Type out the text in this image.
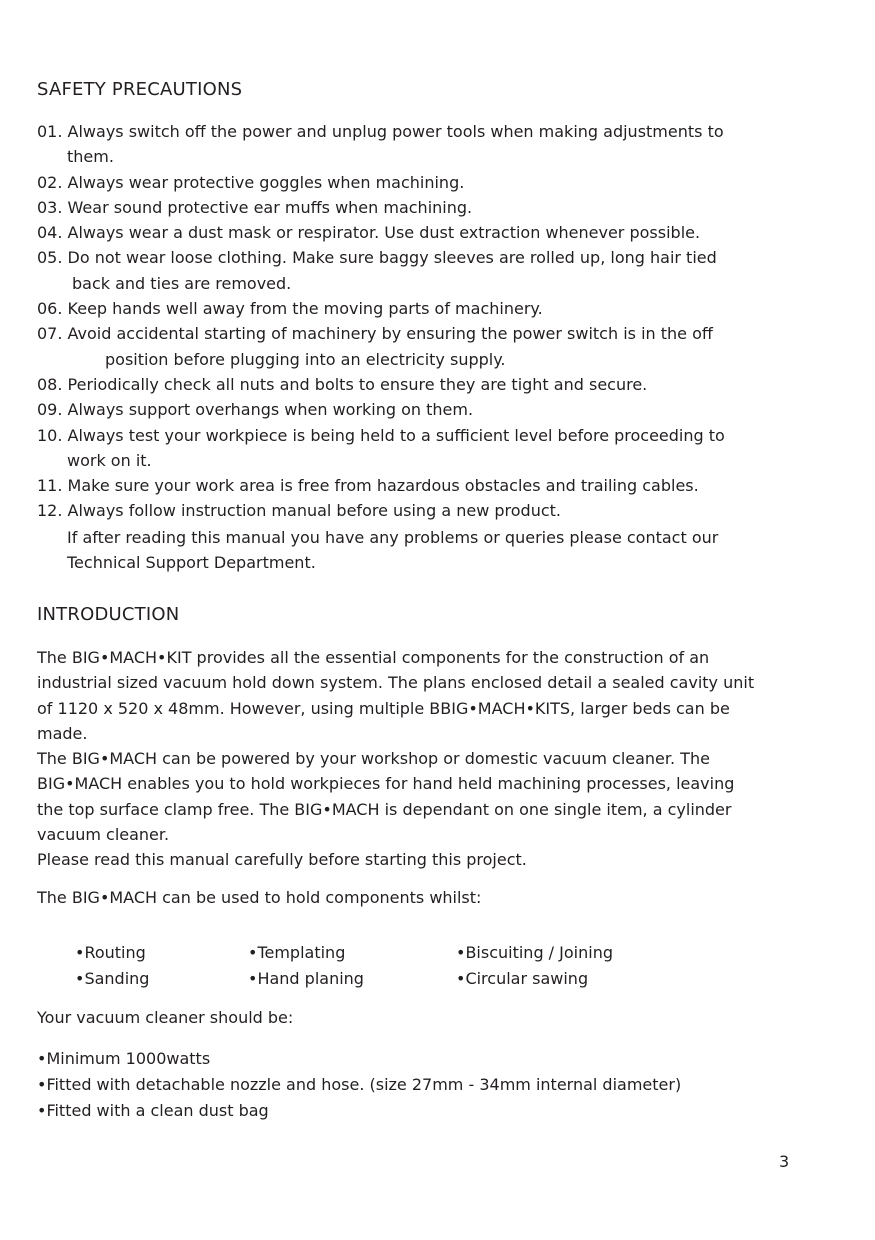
SAFETY PRECAUTIONS
01. Always switch off the power and unplug power tools when making adjustments to
them.
02. Always wear protective goggles when machining.
03. Wear sound protective ear muffs when machining.
04. Always wear a dust mask or respirator. Use dust extraction whenever possible.
05. Do not wear loose clothing. Make sure baggy sleeves are rolled up, long hair tied
back and ties are removed.
06. Keep hands well away from the moving parts of machinery.
07. Avoid accidental starting of machinery by ensuring the power switch is in the off
position before plugging into an electricity supply.
08. Periodically check all nuts and bolts to ensure they are tight and secure.
09. Always support overhangs when working on them.
10. Always test your workpiece is being held to a sufficient level before proceeding to
work on it.
11. Make sure your work area is free from hazardous obstacles and trailing cables.
12. Always follow instruction manual before using a new product.

If after reading this manual you have any problems or queries please contact our

Technical Support Department.

INTRODUCTION

The BIG•MACH•KIT provides all the essential components for the construction of an

industrial sized vacuum hold down system. The plans enclosed detail a sealed cavity unit

of 1120 x 520 x 48mm. However, using multiple BBIG•MACH•KITS, larger beds can be

made.

The BIG•MACH can be powered by your workshop or domestic vacuum cleaner. The

BIG•MACH enables you to hold workpieces for hand held machining processes, leaving

the top surface clamp free. The BIG•MACH is dependant on one single item, a cylinder

vacuum cleaner.

Please read this manual carefully before starting this project.

The BIG•MACH can be used to hold components whilst:

•Routing	•Templating	•Biscuiting / Joining
•Sanding	•Hand planing	•Circular sawing

Your vacuum cleaner should be:

•Minimum 1000watts
•Fitted with detachable nozzle and hose. (size 27mm - 34mm internal diameter)
•Fitted with a clean dust bag

3
